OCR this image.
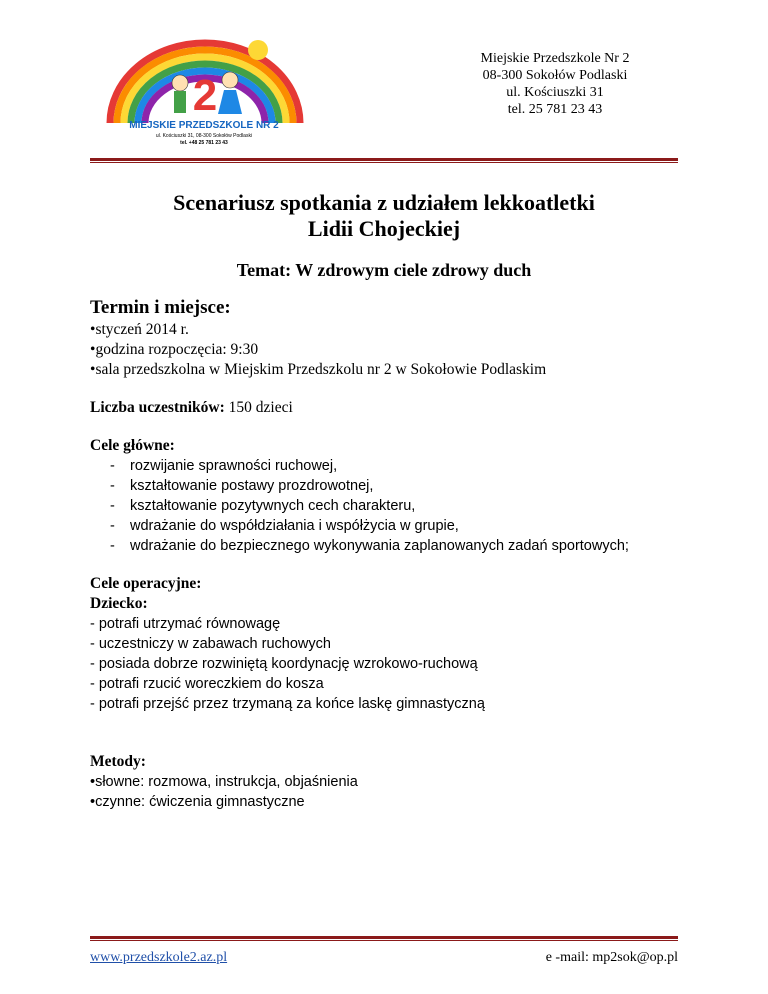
2
MIEJSKIE PRZEDSZKOLE NR 2
ul. Kościuszki 31, 08-300 Sokołów Podlaski
tel. +48 25 781 23 43
Miejskie Przedszkole Nr 2
08-300 Sokołów Podlaski
ul. Kościuszki 31
tel. 25 781 23 43
Scenariusz spotkania z udziałem lekkoatletki
Lidii Chojeckiej
Temat: W zdrowym ciele zdrowy duch
Termin i miejsce:
• styczeń 2014 r.
• godzina rozpoczęcia: 9:30
• sala przedszkolna w Miejskim Przedszkolu nr 2 w Sokołowie Podlaskim
Liczba uczestników: 150 dzieci
Cele główne:
- rozwijanie sprawności ruchowej,
- kształtowanie postawy prozdrowotnej,
- kształtowanie pozytywnych cech charakteru,
- wdrażanie do współdziałania i współżycia w grupie,
- wdrażanie do bezpiecznego wykonywania zaplanowanych zadań sportowych;
Cele operacyjne:
Dziecko:
- potrafi utrzymać równowagę
- uczestniczy w zabawach ruchowych
- posiada dobrze rozwiniętą koordynację wzrokowo-ruchową
- potrafi rzucić woreczkiem do kosza
- potrafi przejść przez trzymaną za końce laskę gimnastyczną
Metody:
• słowne: rozmowa, instrukcja, objaśnienia
• czynne: ćwiczenia gimnastyczne
www.przedszkole2.az.pl	e -mail: mp2sok@op.pl
